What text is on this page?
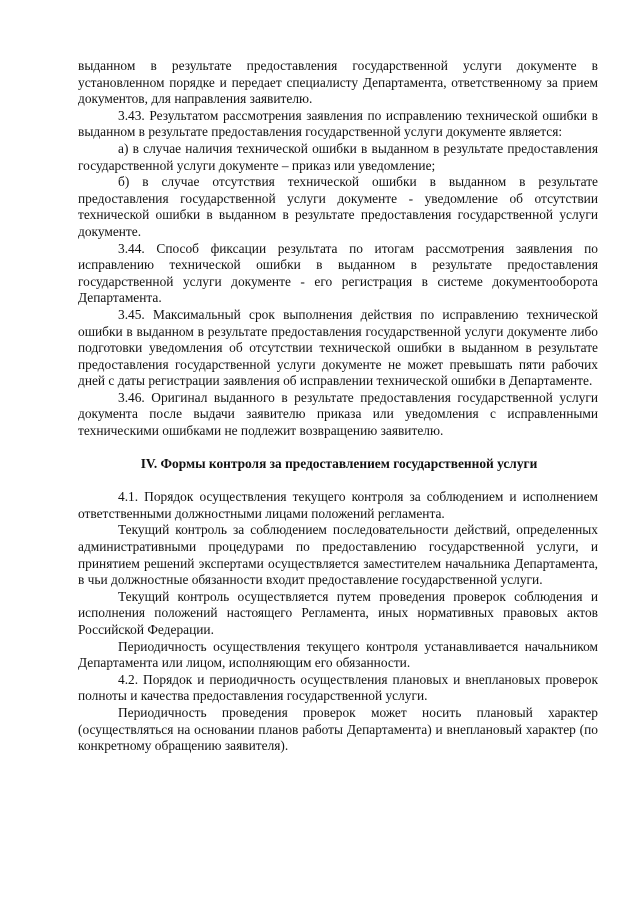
выданном в результате предоставления государственной услуги документе в установленном порядке и передает специалисту Департамента, ответственному за прием документов, для направления заявителю.

3.43. Результатом рассмотрения заявления по исправлению технической ошибки в выданном в результате предоставления государственной услуги документе является:

а) в случае наличия технической ошибки в выданном в результате предоставления государственной услуги документе – приказ или уведомление;

б) в случае отсутствия технической ошибки в выданном в результате предоставления государственной услуги документе - уведомление об отсутствии технической ошибки в выданном в результате предоставления государственной услуги документе.

3.44. Способ фиксации результата по итогам рассмотрения заявления по исправлению технической ошибки в выданном в результате предоставления государственной услуги документе - его регистрация в системе документооборота Департамента.

3.45. Максимальный срок выполнения действия по исправлению технической ошибки в выданном в результате предоставления государственной услуги документе либо подготовки уведомления об отсутствии технической ошибки в выданном в результате предоставления государственной услуги документе не может превышать пяти рабочих дней с даты регистрации заявления об исправлении технической ошибки в Департаменте.

3.46. Оригинал выданного в результате предоставления государственной услуги документа после выдачи заявителю приказа или уведомления с исправленными техническими ошибками не подлежит возвращению заявителю.

IV. Формы контроля за предоставлением государственной услуги

4.1. Порядок осуществления текущего контроля за соблюдением и исполнением ответственными должностными лицами положений регламента.

Текущий контроль за соблюдением последовательности действий, определенных административными процедурами по предоставлению государственной услуги, и принятием решений экспертами осуществляется заместителем начальника Департамента, в чьи должностные обязанности входит предоставление государственной услуги.

Текущий контроль осуществляется путем проведения проверок соблюдения и исполнения положений настоящего Регламента, иных нормативных правовых актов Российской Федерации.

Периодичность осуществления текущего контроля устанавливается начальником Департамента или лицом, исполняющим его обязанности.

4.2. Порядок и периодичность осуществления плановых и внеплановых проверок полноты и качества предоставления государственной услуги.

Периодичность проведения проверок может носить плановый характер (осуществляться на основании планов работы Департамента) и внеплановый характер (по конкретному обращению заявителя).
